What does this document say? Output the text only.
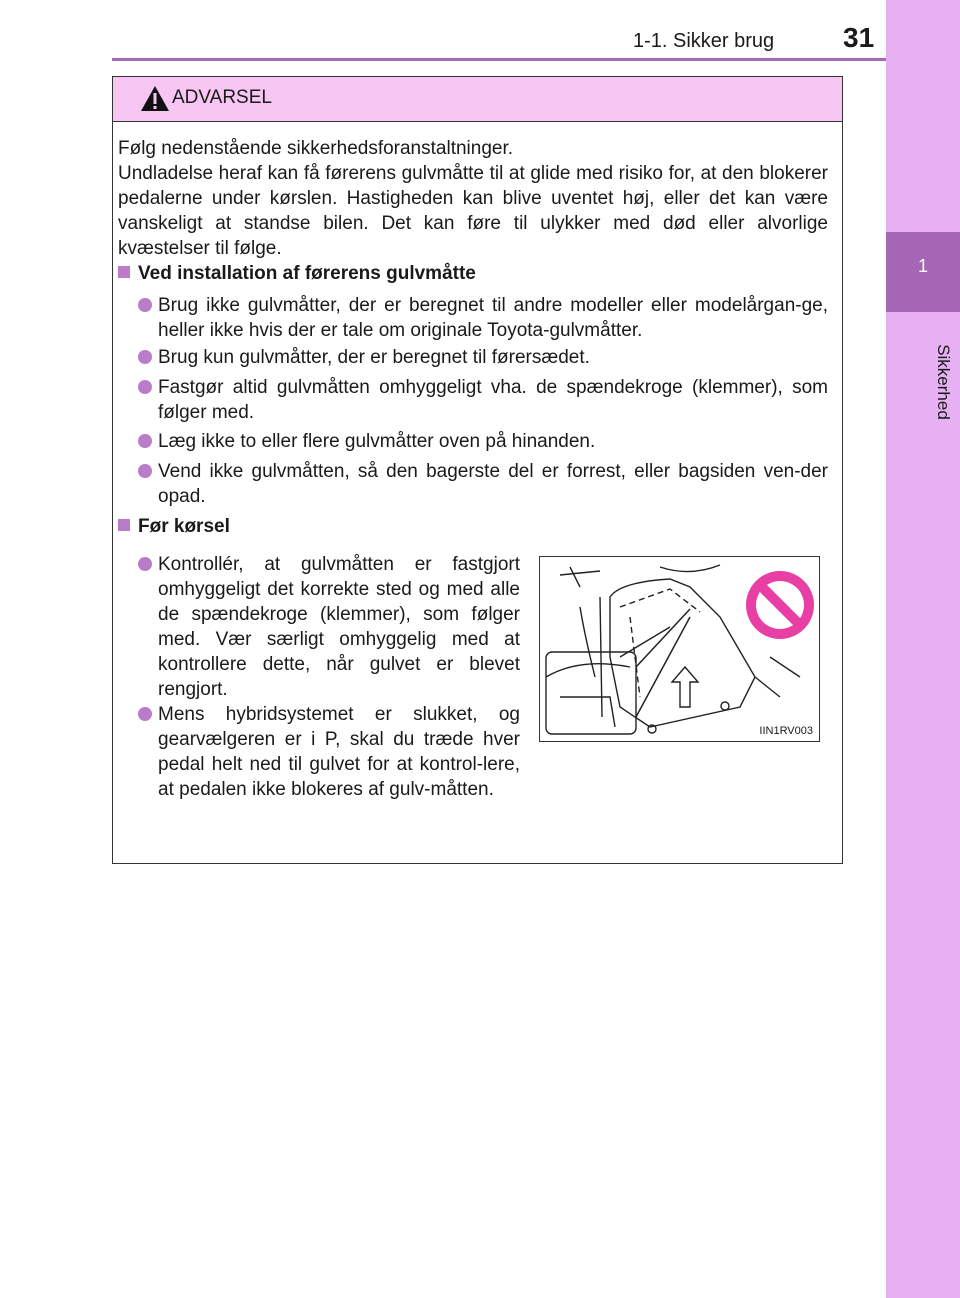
31
1-1. Sikker brug
1
Sikkerhed
ADVARSEL
Følg nedenstående sikkerhedsforanstaltninger.
Undladelse heraf kan få førerens gulvmåtte til at glide med risiko for, at den blokerer pedalerne under kørslen. Hastigheden kan blive uventet høj, eller det kan være vanskeligt at standse bilen. Det kan føre til ulykker med død eller alvorlige kvæstelser til følge.
Ved installation af førerens gulvmåtte
Brug ikke gulvmåtter, der er beregnet til andre modeller eller modelårgan-ge, heller ikke hvis der er tale om originale Toyota-gulvmåtter.
Brug kun gulvmåtter, der er beregnet til førersædet.
Fastgør altid gulvmåtten omhyggeligt vha. de spændekroge (klemmer), som følger med.
Læg ikke to eller flere gulvmåtter oven på hinanden.
Vend ikke gulvmåtten, så den bagerste del er forrest, eller bagsiden ven-der opad.
Før kørsel
Kontrollér, at gulvmåtten er fastgjort omhyggeligt det korrekte sted og med alle de spændekroge (klemmer), som følger med. Vær særligt omhyggelig med at kontrollere dette, når gulvet er blevet rengjort.
Mens hybridsystemet er slukket, og gearvælgeren er i P, skal du træde hver pedal helt ned til gulvet for at kontrol-lere, at pedalen ikke blokeres af gulv-måtten.
IIN1RV003
